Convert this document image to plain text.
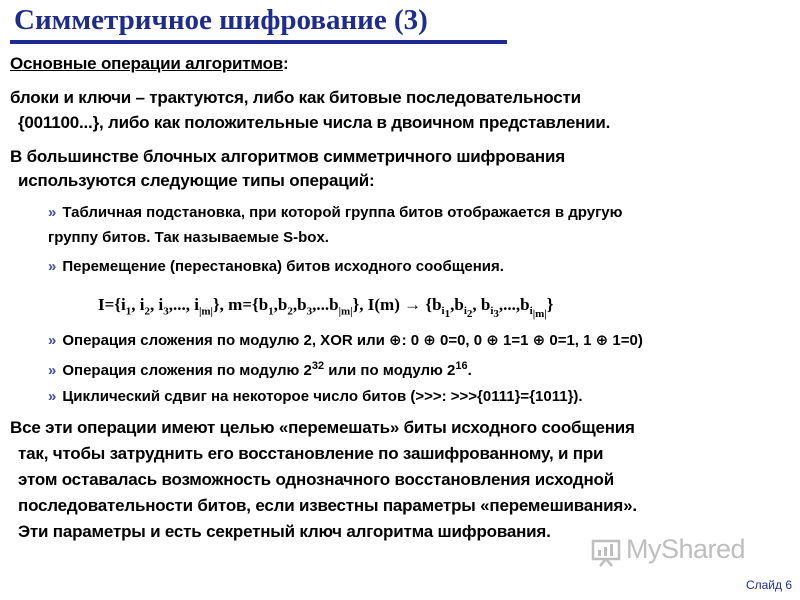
Симметричное шифрование (3)
Основные операции алгоритмов:
блоки и ключи – трактуются, либо как битовые последовательности
{001100...}, либо как положительные числа в двоичном представлении.
В большинстве блочных алгоритмов симметричного шифрования
используются следующие типы операций:
» Табличная подстановка, при которой группа битов отображается в другую
группу битов. Так называемые S-box.
» Перемещение (перестановка) битов исходного сообщения.
$I=\{i_1$, $i_2$, $i_3$,..., $i_{|m|}$}, $m=\{b_1,b_2,b_3,...b_{|m|}\}$, $I(m) \to \{b_{i_1},b_{i_2}$, $b_{i_3},...,b_{i_{|m|}}$}
» Операция сложения по модулю 2, XOR или ⊕: 0 ⊕ 0=0, 0 ⊕ 1=1 ⊕ 0=1, 1 ⊕ 1=0)
» Операция сложения по модулю $2^{32}$ или по модулю $2^{16}$.
» Циклический сдвиг на некоторое число битов (>>>: >>>{0111}={1011}).
Все эти операции имеют целью «перемешать» биты исходного сообщения
так, чтобы затруднить его восстановление по зашифрованному, и при
этом оставалась возможность однозначного восстановления исходной
последовательности битов, если известны параметры «перемешивания».
Эти параметры и есть секретный ключ алгоритма шифрования.
MyShared
Слайд 6
